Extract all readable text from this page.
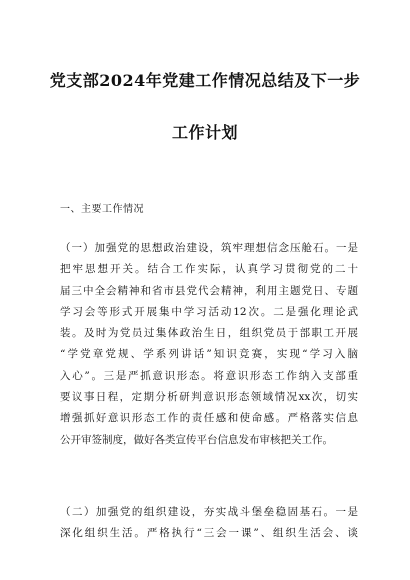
党支部2024年党建工作情况总结及下一步
工作计划
一、主要工作情况
（一）加强党的思想政治建设，筑牢理想信念压舱石。一是
把牢思想开关。结合工作实际，认真学习贯彻党的二十
届三中全会精神和省市县党代会精神，利用主题党日、专题
学习会等形式开展集中学习活动12次。二是强化理论武
装。及时为党员过集体政治生日，组织党员于部职工开展
“学党章党规、学系列讲话”知识竞赛，实现“学习入脑
入心”。三是严抓意识形态。将意识形态工作纳入支部重
要议事日程，定期分析研判意识形态领域情况xx次，切实
增强抓好意识形态工作的责任感和使命感。严格落实信息
公开审签制度，做好各类宣传平台信息发布审核把关工作。
（二）加强党的组织建设，夯实战斗堡垒稳固基石。一是
深化组织生活。严格执行“三会一课”、组织生活会、谈
